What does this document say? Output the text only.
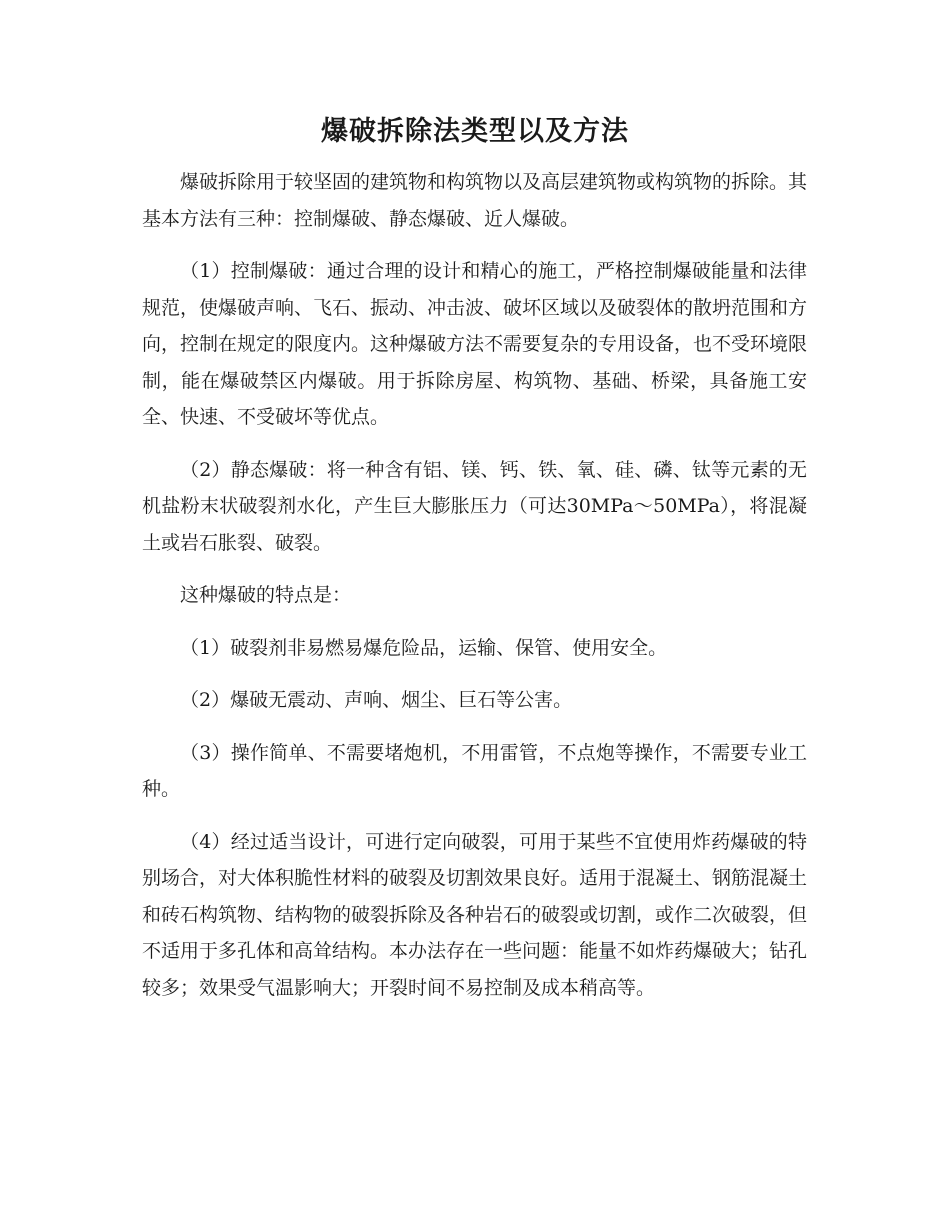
爆破拆除法类型以及方法

爆破拆除用于较坚固的建筑物和构筑物以及高层建筑物或构筑物的拆除。其基本方法有三种：控制爆破、静态爆破、近人爆破。

（1）控制爆破：通过合理的设计和精心的施工，严格控制爆破能量和法律规范，使爆破声响、飞石、振动、冲击波、破坏区域以及破裂体的散坍范围和方向，控制在规定的限度内。这种爆破方法不需要复杂的专用设备，也不受环境限制，能在爆破禁区内爆破。用于拆除房屋、构筑物、基础、桥梁，具备施工安全、快速、不受破坏等优点。

（2）静态爆破：将一种含有铝、镁、钙、铁、氧、硅、磷、钛等元素的无机盐粉末状破裂剂水化，产生巨大膨胀压力（可达30MPa～50MPa），将混凝土或岩石胀裂、破裂。

这种爆破的特点是：

（1）破裂剂非易燃易爆危险品，运输、保管、使用安全。

（2）爆破无震动、声响、烟尘、巨石等公害。

（3）操作简单、不需要堵炮机，不用雷管，不点炮等操作，不需要专业工种。

（4）经过适当设计，可进行定向破裂，可用于某些不宜使用炸药爆破的特别场合，对大体积脆性材料的破裂及切割效果良好。适用于混凝土、钢筋混凝土和砖石构筑物、结构物的破裂拆除及各种岩石的破裂或切割，或作二次破裂，但不适用于多孔体和高耸结构。本办法存在一些问题：能量不如炸药爆破大；钻孔较多；效果受气温影响大；开裂时间不易控制及成本稍高等。
